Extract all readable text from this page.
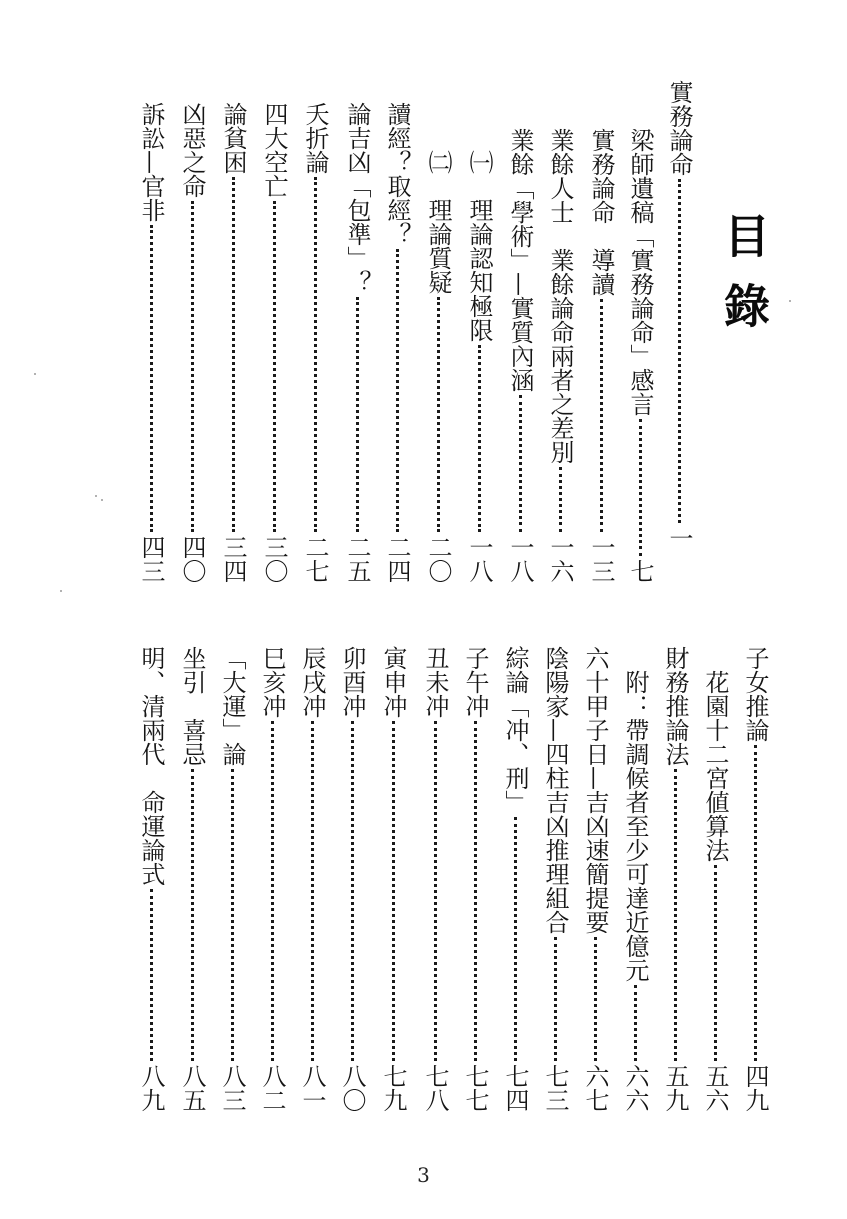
目錄
實務論命
一
梁師遺稿「實務論命」感言
七
實務論命　導讀
一三
業餘人士　業餘論命兩者之差別
一六
業餘「學術」—實質內涵
一八
㈠　理論認知極限
一八
㈡　理論質疑
二〇
讀經？取經？
二四
論吉凶「包準」？
二五
夭折論
二七
四大空亡
三〇
論貧困
三四
凶惡之命
四〇
訴訟—官非
四三
子女推論
四九
花園十二宮値算法
五六
財務推論法
五九
附：帶調候者至少可達近億元
六六
六十甲子日—吉凶速簡提要
六七
陰陽家—四柱吉凶推理組合
七三
綜論「冲、刑」
七四
子午冲
七七
丑未冲
七八
寅申冲
七九
卯酉冲
八〇
辰戌冲
八一
巳亥冲
八二
「大運」論
八三
坐引　喜忌
八五
明、清兩代　命運論式
八九
3
